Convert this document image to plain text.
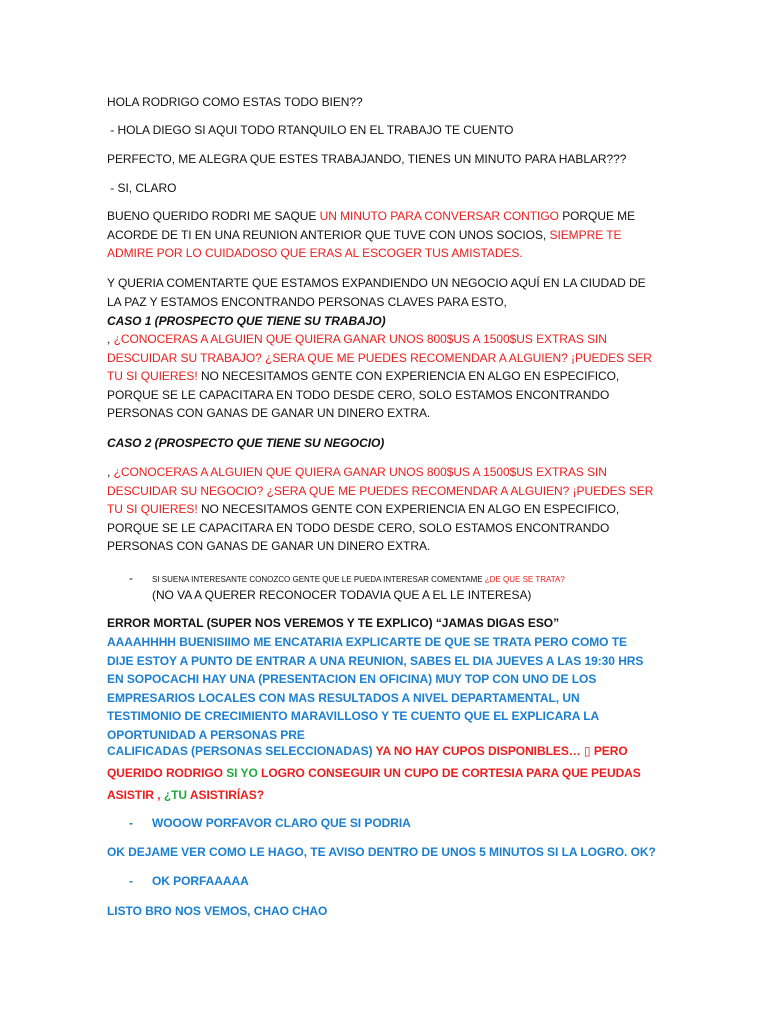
HOLA RODRIGO COMO ESTAS TODO BIEN??

- HOLA DIEGO SI AQUI TODO RTANQUILO EN EL TRABAJO TE CUENTO

PERFECTO, ME ALEGRA QUE ESTES TRABAJANDO, TIENES UN MINUTO PARA HABLAR???

- SI, CLARO

BUENO QUERIDO RODRI ME SAQUE UN MINUTO PARA CONVERSAR CONTIGO PORQUE ME ACORDE DE TI EN UNA REUNION ANTERIOR QUE TUVE CON UNOS SOCIOS, SIEMPRE TE ADMIRE POR LO CUIDADOSO QUE ERAS AL ESCOGER TUS AMISTADES.

Y QUERIA COMENTARTE QUE ESTAMOS EXPANDIENDO UN NEGOCIO AQUÍ EN LA CIUDAD DE LA PAZ Y ESTAMOS ENCONTRANDO PERSONAS CLAVES PARA ESTO,

CASO 1 (PROSPECTO QUE TIENE SU TRABAJO)

, ¿CONOCERAS A ALGUIEN QUE QUIERA GANAR UNOS 800$US A 1500$US EXTRAS SIN DESCUIDAR SU TRABAJO? ¿SERA QUE ME PUEDES RECOMENDAR A ALGUIEN? ¡PUEDES SER TU SI QUIERES! NO NECESITAMOS GENTE CON EXPERIENCIA EN ALGO EN ESPECIFICO, PORQUE SE LE CAPACITARA EN TODO DESDE CERO, SOLO ESTAMOS ENCONTRANDO PERSONAS CON GANAS DE GANAR UN DINERO EXTRA.

CASO 2 (PROSPECTO QUE TIENE SU NEGOCIO)

, ¿CONOCERAS A ALGUIEN QUE QUIERA GANAR UNOS 800$US A 1500$US EXTRAS SIN DESCUIDAR SU NEGOCIO? ¿SERA QUE ME PUEDES RECOMENDAR A ALGUIEN? ¡PUEDES SER TU SI QUIERES! NO NECESITAMOS GENTE CON EXPERIENCIA EN ALGO EN ESPECIFICO, PORQUE SE LE CAPACITARA EN TODO DESDE CERO, SOLO ESTAMOS ENCONTRANDO PERSONAS CON GANAS DE GANAR UN DINERO EXTRA.

- SI SUENA INTERESANTE CONOZCO GENTE QUE LE PUEDA INTERESAR COMENTAME ¿DE QUE SE TRATA?

(NO VA A QUERER RECONOCER TODAVIA QUE A EL LE INTERESA)

ERROR MORTAL (SUPER NOS VEREMOS Y TE EXPLICO) “JAMAS DIGAS ESO”

AAAAHHHH BUENISIIMO ME ENCATARIA EXPLICARTE DE QUE SE TRATA PERO COMO TE DIJE ESTOY A PUNTO DE ENTRAR A UNA REUNION, SABES EL DIA JUEVES A LAS 19:30 HRS EN SOPOCACHI HAY UNA (PRESENTACION EN OFICINA) MUY TOP CON UNO DE LOS EMPRESARIOS LOCALES CON MAS RESULTADOS A NIVEL DEPARTAMENTAL, UN TESTIMONIO DE CRECIMIENTO MARAVILLOSO Y TE CUENTO QUE EL EXPLICARA LA OPORTUNIDAD A PERSONAS PRE

CALIFICADAS (PERSONAS SELECCIONADAS) YA NO HAY CUPOS DISPONIBLES… ▯ PERO QUERIDO RODRIGO SI YO LOGRO CONSEGUIR UN CUPO DE CORTESIA PARA QUE PEUDAS ASISTIR , ¿TU ASISTIRÍAS?

- WOOOW PORFAVOR CLARO QUE SI PODRIA

OK DEJAME VER COMO LE HAGO, TE AVISO DENTRO DE UNOS 5 MINUTOS SI LA LOGRO. OK?

- OK PORFAAAAA

LISTO BRO NOS VEMOS, CHAO CHAO
